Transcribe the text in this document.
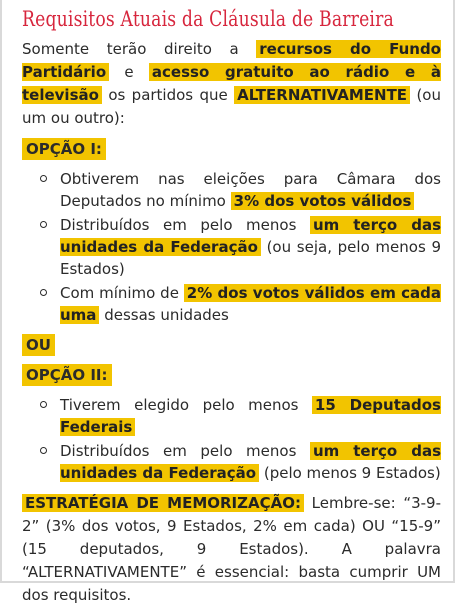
Requisitos Atuais da Cláusula de Barreira

Somente terão direito a recursos do Fundo Partidário e acesso gratuito ao rádio e à televisão os partidos que ALTERNATIVAMENTE (ou um ou outro):

OPÇÃO I:
Obtiverem nas eleições para Câmara dos Deputados no mínimo 3% dos votos válidos
Distribuídos em pelo menos um terço das unidades da Federação (ou seja, pelo menos 9 Estados)
Com mínimo de 2% dos votos válidos em cada uma dessas unidades
OU
OPÇÃO II:
Tiverem elegido pelo menos 15 Deputados Federais
Distribuídos em pelo menos um terço das unidades da Federação (pelo menos 9 Estados)

ESTRATÉGIA DE MEMORIZAÇÃO: Lembre-se: “3-9-2” (3% dos votos, 9 Estados, 2% em cada) OU “15-9” (15 deputados, 9 Estados). A palavra “ALTERNATIVAMENTE” é essencial: basta cumprir UM dos requisitos.
